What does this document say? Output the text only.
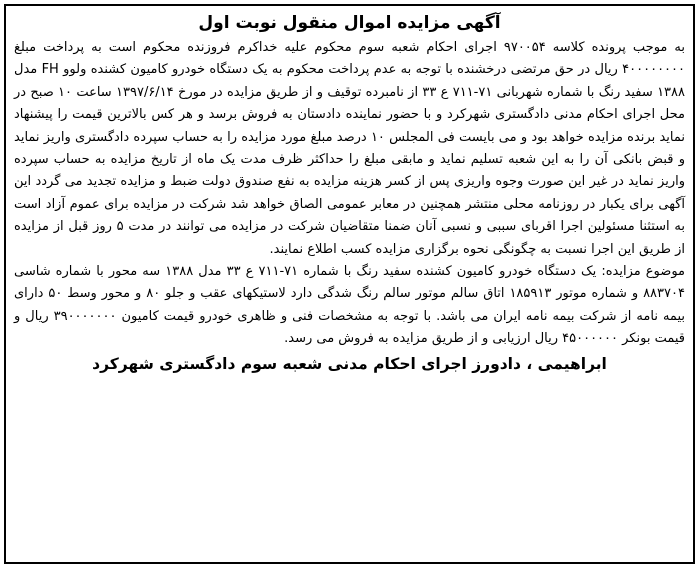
آگهی مزایده اموال منقول نوبت اول

به موجب پرونده کلاسه ۹۷۰۰۵۴ اجرای احکام شعبه سوم محکوم علیه خداکرم فروزنده محکوم است به پرداخت مبلغ ۴۰۰۰۰۰۰۰۰ ریال در حق مرتضی درخشنده با توجه به عدم پرداخت محکوم به یک دستگاه خودرو کامیون کشنده ولوو FH مدل ۱۳۸۸ سفید رنگ با شماره شهربانی ۷۱-۷۱۱ ع ۳۳ از نامبرده توقیف و از طریق مزایده در مورخ ۱۳۹۷/۶/۱۴ ساعت ۱۰ صبح در محل اجرای احکام مدنی دادگستری شهرکرد و با حضور نماینده دادستان به فروش برسد و هر کس بالاترین قیمت را پیشنهاد نماید برنده مزایده خواهد بود و می بایست فی المجلس ۱۰ درصد مبلغ مورد مزایده را به حساب سپرده دادگستری واریز نماید و قبض بانکی آن را به این شعبه تسلیم نماید و مابقی مبلغ را حداکثر ظرف مدت یک ماه از تاریخ مزایده به حساب سپرده واریز نماید در غیر این صورت وجوه واریزی پس از کسر هزینه مزایده به نفع صندوق دولت ضبط و مزایده تجدید می گردد این آگهی برای یکبار در روزنامه محلی منتشر همچنین در معابر عمومی الصاق خواهد شد شرکت در مزایده برای عموم آزاد است به استثنا مسئولین اجرا اقربای سببی و نسبی آنان ضمنا متقاضیان شرکت در مزایده می توانند در مدت ۵ روز قبل از مزایده از طریق این اجرا نسبت به چگونگی نحوه برگزاری مزایده کسب اطلاع نمایند.

موضوع مزایده: یک دستگاه خودرو کامیون کشنده سفید رنگ با شماره ۷۱-۷۱۱ ع ۳۳ مدل ۱۳۸۸ سه محور با شماره شاسی ۸۸۳۷۰۴ و شماره موتور ۱۸۵۹۱۳ اتاق سالم موتور سالم رنگ شدگی دارد لاستیکهای عقب و جلو ۸۰ و محور وسط ۵۰ دارای بیمه نامه از شرکت بیمه نامه ایران می باشد. با توجه به مشخصات فنی و ظاهری خودرو قیمت کامیون ۳۹۰۰۰۰۰۰۰ ریال و قیمت بونکر ۴۵۰۰۰۰۰۰ ریال ارزیابی و از طریق مزایده به فروش می رسد.

ابراهیمی ، دادورز اجرای احکام مدنی شعبه سوم دادگستری شهرکرد
